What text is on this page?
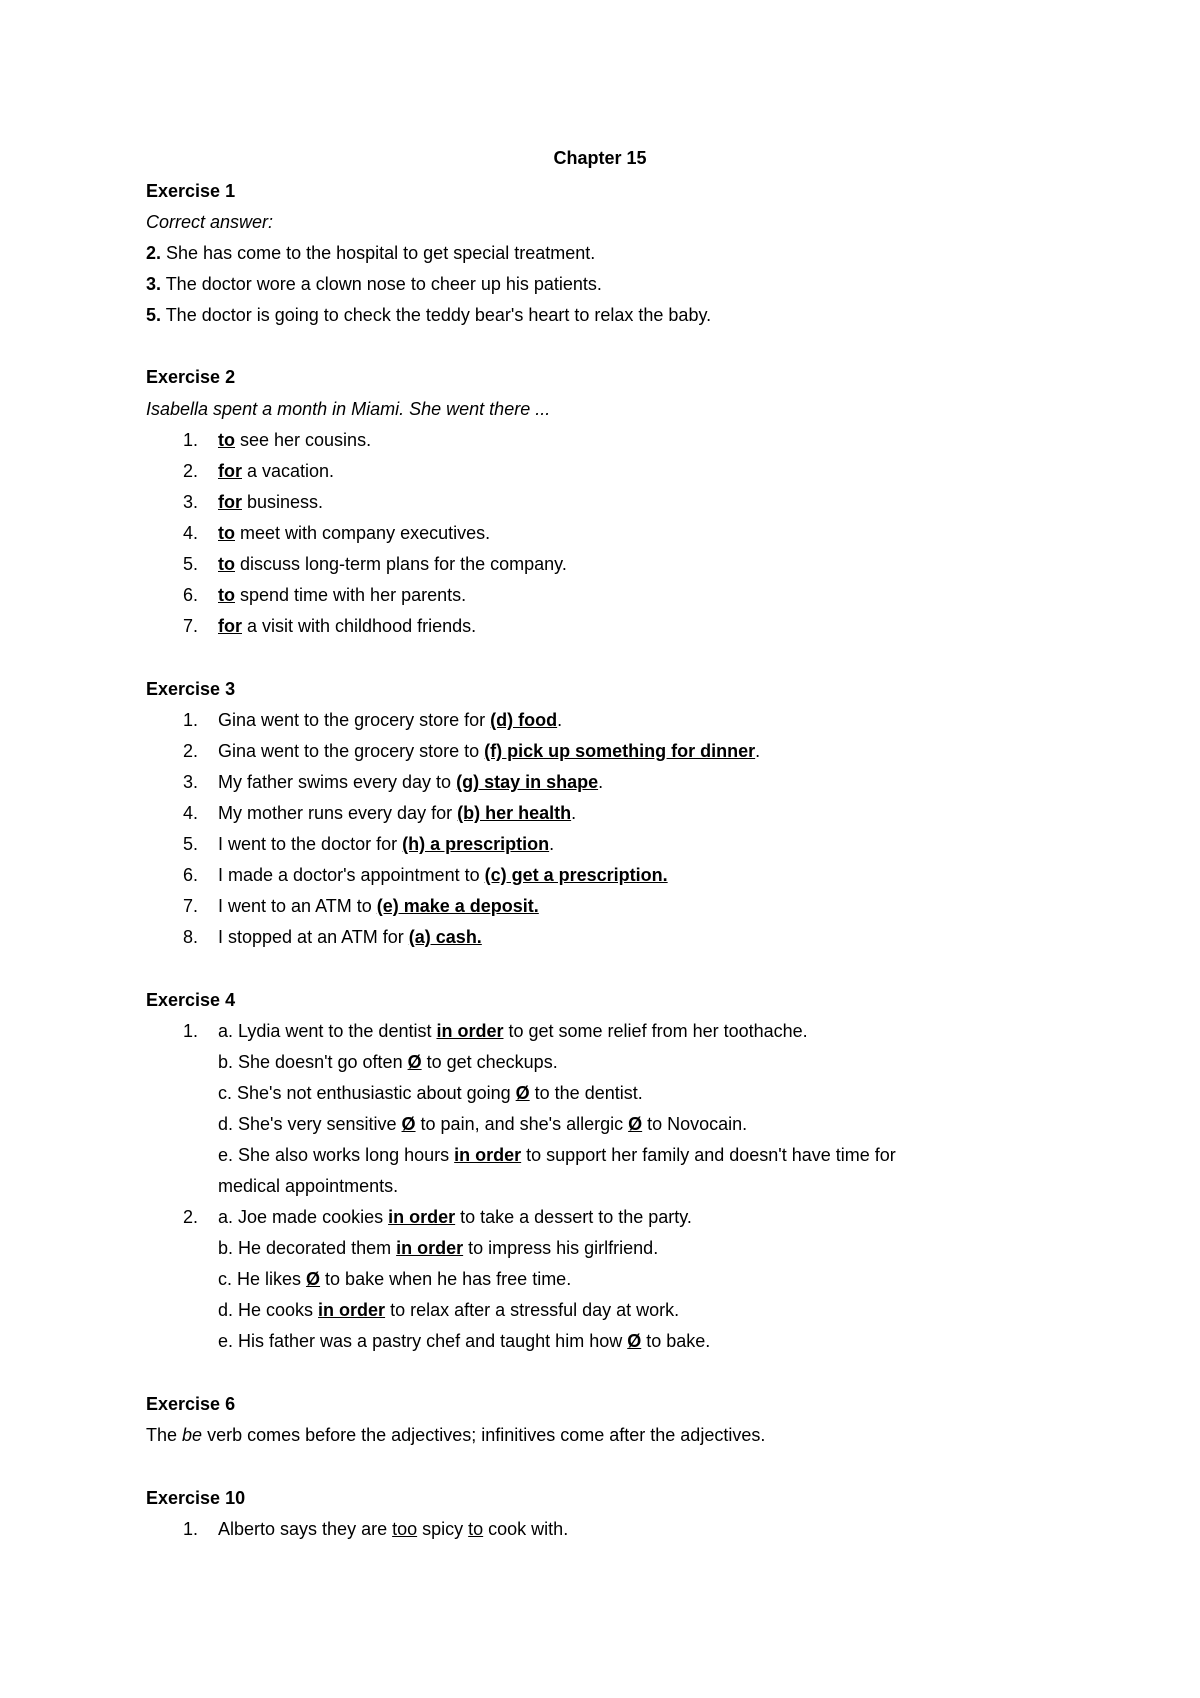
Chapter 15
Exercise 1
Correct answer:
2. She has come to the hospital to get special treatment.
3. The doctor wore a clown nose to cheer up his patients.
5. The doctor is going to check the teddy bear's heart to relax the baby.
Exercise 2
Isabella spent a month in Miami. She went there ...
1. to see her cousins.
2. for a vacation.
3. for business.
4. to meet with company executives.
5. to discuss long-term plans for the company.
6. to spend time with her parents.
7. for a visit with childhood friends.
Exercise 3
1. Gina went to the grocery store for (d) food.
2. Gina went to the grocery store to (f) pick up something for dinner.
3. My father swims every day to (g) stay in shape.
4. My mother runs every day for (b) her health.
5. I went to the doctor for (h) a prescription.
6. I made a doctor's appointment to (c) get a prescription.
7. I went to an ATM to (e) make a deposit.
8. I stopped at an ATM for (a) cash.
Exercise 4
1. a. Lydia went to the dentist in order to get some relief from her toothache.
b. She doesn't go often Ø to get checkups.
c. She's not enthusiastic about going Ø to the dentist.
d. She's very sensitive Ø to pain, and she's allergic Ø to Novocain.
e. She also works long hours in order to support her family and doesn't have time for
medical appointments.
2. a. Joe made cookies in order to take a dessert to the party.
b. He decorated them in order to impress his girlfriend.
c. He likes Ø to bake when he has free time.
d. He cooks in order to relax after a stressful day at work.
e. His father was a pastry chef and taught him how Ø to bake.
Exercise 6
The be verb comes before the adjectives; infinitives come after the adjectives.
Exercise 10
1. Alberto says they are too spicy to cook with.
